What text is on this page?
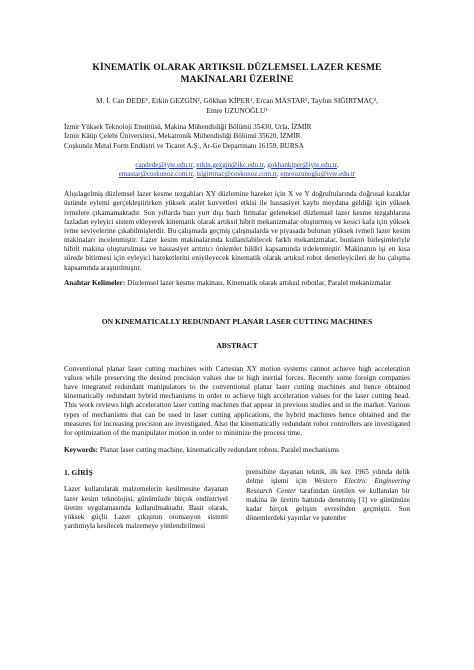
KİNEMATİK OLARAK ARTIKSIL DÜZLEMSEL LAZER KESME
MAKİNALARI ÜZERİNE
M. İ. Can DEDE¹, Erkin GEZGİN², Gökhan KİPER¹, Ercan MASTAR³, Tayfun SIĞIRTMAÇ³,
Emre UZUNOĞLU¹
İzmir Yüksek Teknoloji Enstitüsü, Makina Mühendisliği Bölümü 35430, Urla, İZMİR
İzmir Kâtip Çelebi Üniversitesi, Mekatronik Mühendisliği Bölümü 35620, İZMİR
Coşkunöz Metal Form Endüstri ve Ticaret A.Ş., Ar-Ge Departmanı 16159, BURSA
candede@iyte.edu.tr, erkin.gezgin@ikc.edu.tr, gokhankiper@iyte.edu.tr,
emastar@coskunoz.com.tr, tsigirtmac@coskunoz.com.tr, emreuzunoglu@iyte.edu.tr
Alışılagelmiş düzlemsel lazer kesme tezgahları XY düzlemine hareket için X ve Y doğrultularında doğrusal kızaklar üstünde eylemi gerçekleştirirken yüksek atalet kuvvetleri etkisi ile hassasiyet kaybı meydana geldiği için yüksek ivmelere çıkamamaktadır. Son yıllarda bazı yurt dışı bazlı firmalar geleneksel düzlemsel lazer kesme tezgahlarına fazladan eyleyici sistem ekleyerek kinematik olarak artıksıl hibrit mekanizmalar oluşturmuş ve kesici kafa için yüksek ivme seviyelerine çıkabilmişlerdir. Bu çalışmada geçmiş çalışmalarda ve piyasada bulunan yüksek ivmeli lazer kesim makinaları incelenmiştir. Lazer kesim makinalarında kullanılabilecek farklı mekanizmalar, bunların birleşimleriyle hibrit makina oluşturulması ve hassasiyet arttırıcı önlemler bildiri kapsamında irdelenmiştir. Makinanın işi en kısa sürede bitirmesi için eyleyici hareketlerini eniyileyecek kinematik olarak artıksıl robot denetleyicileri de bu çalışma kapsamında araştırılmıştır.
Anahtar Kelimeler: Düzlemsel lazer kesme makinası, Kinematik olarak artıksıl robotlar, Paralel mekanizmalar
ON KINEMATICALLY REDUNDANT PLANAR LASER CUTTING MACHINES
ABSTRACT
Conventional planar laser cutting machines with Cartesian XY motion systems cannot achieve high acceleration values while preserving the desired precision values due to high inertial forces. Recently some foreign companies have integrated redundant manipulators to the conventional planar laser cutting machines and hence obtained kinematically redundant hybrid mechanisms in order to achieve high acceleration values for the laser cutting head. This work reviews high acceleration laser cutting machines that appear in previous studies and in the market. Various types of mechanisms that can be used in laser cutting applications, the hybrid machines hence obtained and the measures for increasing precision are investigated. Also the kinematically redundant robot controllers are investigated for optimization of the manipulator motion in order to minimize the process time.
Keywords: Planar laser cutting machine, kinematically redundant robots, Paralel mechanisms
1. GİRİŞ
Lazer kullanılarak malzemelerin kesilmesine dayanan lazer kesim teknolojisi, günümüzde birçok endüstriyel üretim uygulamasında kullanılmaktadır. Basit olarak, yüksek güçlü Lazer çıkışının otomasyon sistemi yardımıyla kesilecek malzemeye yönlendirilmesi
prensibine dayanan teknik, ilk kez 1965 yılında delik delme işlemi için Western Electric Engineering Research Center tarafından üretilen ve kullanılan bir makina ile üretim hattında denenmiş [1] ve günümüze kadar birçok gelişim evresinden geçmiştir. Son dönemlerdeki yayınlar ve patentler
